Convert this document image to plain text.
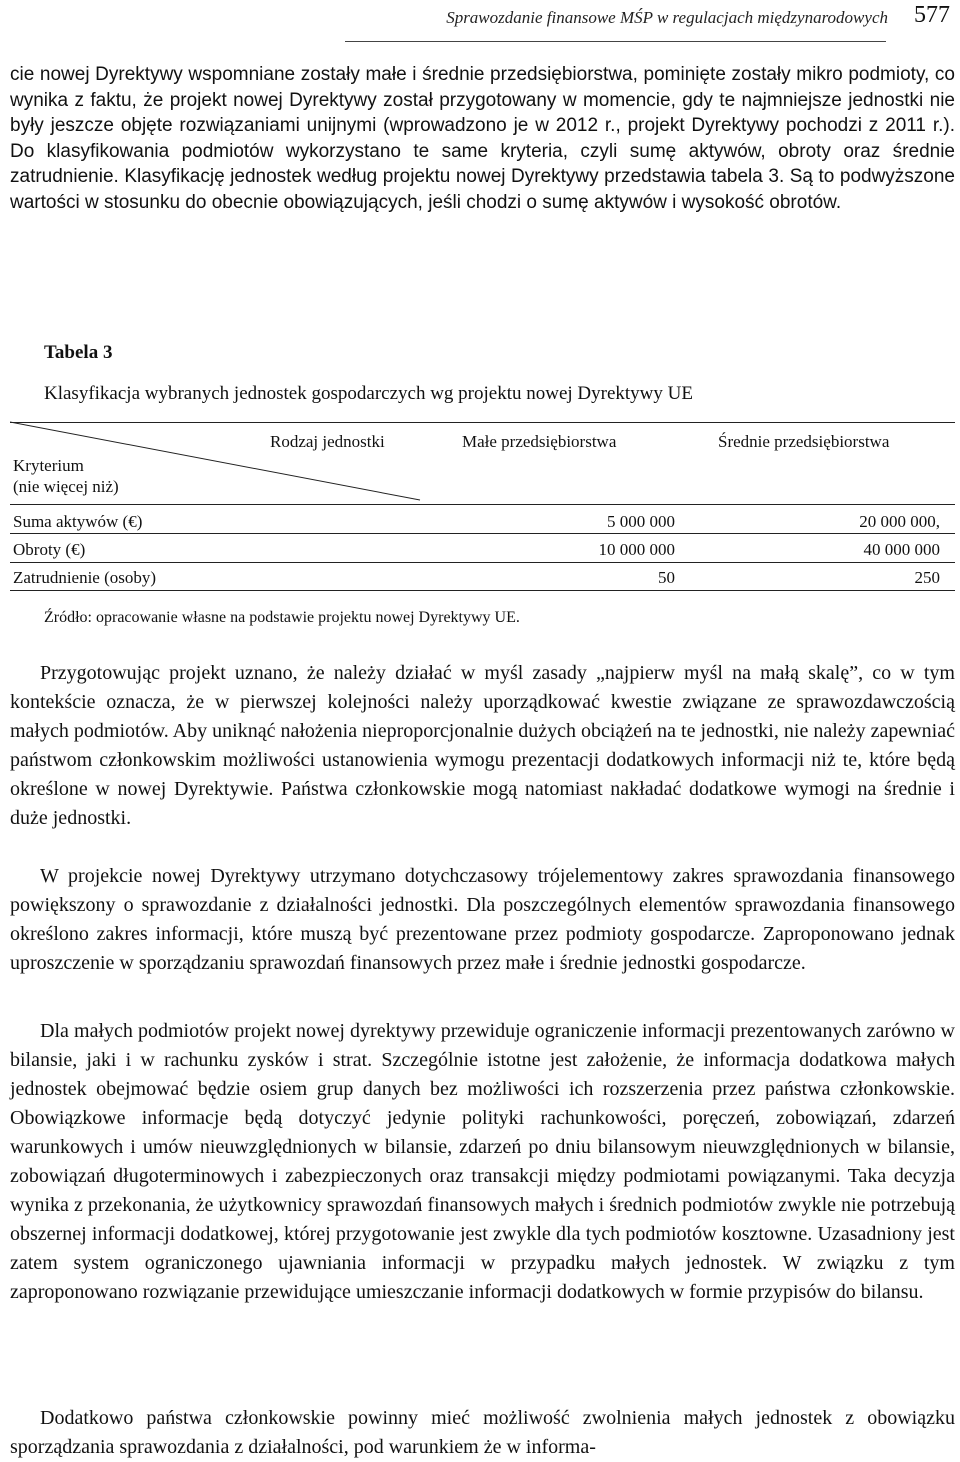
Sprawozdanie finansowe MŚP w regulacjach międzynarodowych 577

cie nowej Dyrektywy wspomniane zostały małe i średnie przedsiębiorstwa, pominięte zostały mikro podmioty, co wynika z faktu, że projekt nowej Dyrektywy został przygotowany w momencie, gdy te najmniejsze jednostki nie były jeszcze objęte rozwiązaniami unijnymi (wprowadzono je w 2012 r., projekt Dyrektywy pochodzi z 2011 r.). Do klasyfikowania podmiotów wykorzystano te same kryteria, czyli sumę aktywów, obroty oraz średnie zatrudnienie. Klasyfikację jednostek według projektu nowej Dyrektywy przedstawia tabela 3. Są to podwyższone wartości w stosunku do obecnie obowiązujących, jeśli chodzi o sumę aktywów i wysokość obrotów.

Tabela 3
Klasyfikacja wybranych jednostek gospodarczych wg projektu nowej Dyrektywy UE
Rodzaj jednostki	Małe przedsiębiorstwa	Średnie przedsiębiorstwa
Kryterium
(nie więcej niż)
Suma aktywów (€)	5 000 000	20 000 000,
Obroty (€)	10 000 000	40 000 000
Zatrudnienie (osoby)	50	250
Źródło: opracowanie własne na podstawie projektu nowej Dyrektywy UE.

Przygotowując projekt uznano, że należy działać w myśl zasady „najpierw myśl na małą skalę”, co w tym kontekście oznacza, że w pierwszej kolejności należy uporządkować kwestie związane ze sprawozdawczością małych podmiotów. Aby uniknąć nałożenia nieproporcjonalnie dużych obciążeń na te jednostki, nie należy zapewniać państwom członkowskim możliwości ustanowienia wymogu prezentacji dodatkowych informacji niż te, które będą określone w nowej Dyrektywie. Państwa członkowskie mogą natomiast nakładać dodatkowe wymogi na średnie i duże jednostki.

W projekcie nowej Dyrektywy utrzymano dotychczasowy trójelementowy zakres sprawozdania finansowego powiększony o sprawozdanie z działalności jednostki. Dla poszczególnych elementów sprawozdania finansowego określono zakres informacji, które muszą być prezentowane przez podmioty gospodarcze. Zaproponowano jednak uproszczenie w sporządzaniu sprawozdań finansowych przez małe i średnie jednostki gospodarcze.

Dla małych podmiotów projekt nowej dyrektywy przewiduje ograniczenie informacji prezentowanych zarówno w bilansie, jaki i w rachunku zysków i strat. Szczególnie istotne jest założenie, że informacja dodatkowa małych jednostek obejmować będzie osiem grup danych bez możliwości ich rozszerzenia przez państwa członkowskie. Obowiązkowe informacje będą dotyczyć jedynie polityki rachunkowości, poręczeń, zobowiązań, zdarzeń warunkowych i umów nieuwzględnionych w bilansie, zdarzeń po dniu bilansowym nieuwzględnionych w bilansie, zobowiązań długoterminowych i zabezpieczonych oraz transakcji między podmiotami powiązanymi. Taka decyzja wynika z przekonania, że użytkownicy sprawozdań finansowych małych i średnich podmiotów zwykle nie potrzebują obszernej informacji dodatkowej, której przygotowanie jest zwykle dla tych podmiotów kosztowne. Uzasadniony jest zatem system ograniczonego ujawniania informacji w przypadku małych jednostek. W związku z tym zaproponowano rozwiązanie przewidujące umieszczanie informacji dodatkowych w formie przypisów do bilansu.

Dodatkowo państwa członkowskie powinny mieć możliwość zwolnienia małych jednostek z obowiązku sporządzania sprawozdania z działalności, pod warunkiem że w informa-
